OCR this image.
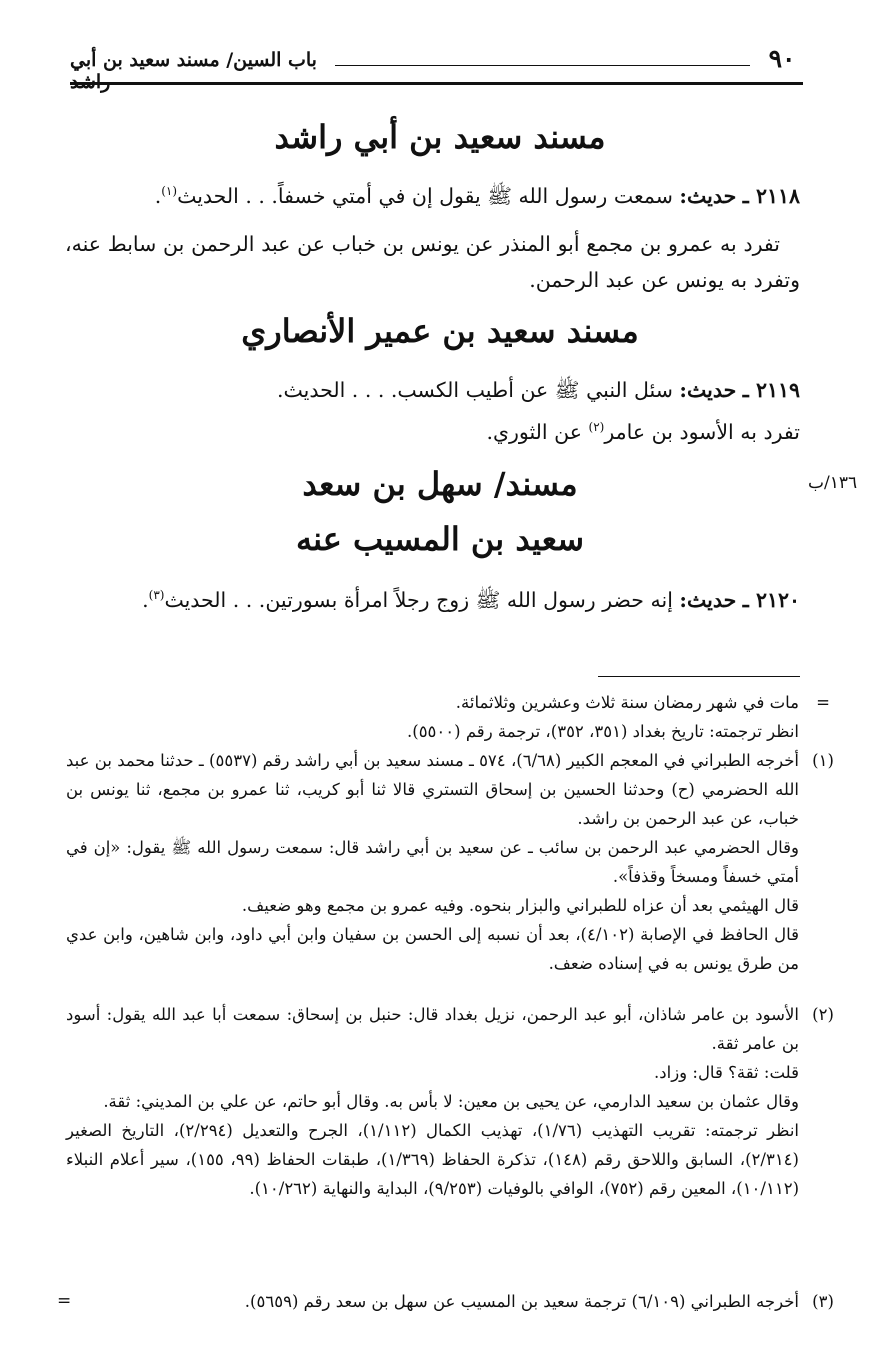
٩٠
باب السين/ مسند سعيد بن أبي راشد
مسند سعيد بن أبي راشد
٢١١٨ ـ حديث: سمعت رسول الله ﷺ يقول إن في أمتي خسفاً. . . الحديث$^{(١)}$.
تفرد به عمرو بن مجمع أبو المنذر عن يونس بن خباب عن عبد الرحمن بن سابط عنه، وتفرد به يونس عن عبد الرحمن.
مسند سعيد بن عمير الأنصاري
٢١١٩ ـ حديث: سئل النبي ﷺ عن أطيب الكسب. . . . الحديث.
تفرد به الأسود بن عامر$^{(٢)}$ عن الثوري.
١٣٦/ب
مسند/ سهل بن سعد
سعيد بن المسيب عنه
٢١٢٠ ـ حديث: إنه حضر رسول الله ﷺ زوج رجلاً امرأة بسورتين. . . الحديث$^{(٣)}$.
=

مات في شهر رمضان سنة ثلاث وعشرين وثلاثمائة.

انظر ترجمته: تاريخ بغداد (٣٥١، ٣٥٢)، ترجمة رقم (٥٥٠٠).

(١)

أخرجه الطبراني في المعجم الكبير (٦/٦٨)، ٥٧٤ ـ مسند سعيد بن أبي راشد رقم (٥٥٣٧) ـ حدثنا محمد بن عبد الله الحضرمي (ح) وحدثنا الحسين بن إسحاق التستري قالا ثنا أبو كريب، ثنا عمرو بن مجمع، ثنا يونس بن خباب، عن عبد الرحمن بن راشد.

وقال الحضرمي عبد الرحمن بن سائب ـ عن سعيد بن أبي راشد قال: سمعت رسول الله ﷺ يقول: «إن في أمتي خسفاً ومسخاً وقذفاً».

قال الهيثمي بعد أن عزاه للطبراني والبزار بنحوه. وفيه عمرو بن مجمع وهو ضعيف.

قال الحافظ في الإصابة (٤/١٠٢)، بعد أن نسبه إلى الحسن بن سفيان وابن أبي داود، وابن شاهين، وابن عدي من طرق يونس به في إسناده ضعف.

(٢)

الأسود بن عامر شاذان، أبو عبد الرحمن، نزيل بغداد قال: حنبل بن إسحاق: سمعت أبا عبد الله يقول: أسود بن عامر ثقة.

قلت: ثقة؟ قال: وزاد.

وقال عثمان بن سعيد الدارمي، عن يحيى بن معين: لا بأس به. وقال أبو حاتم، عن علي بن المديني: ثقة.

انظر ترجمته: تقريب التهذيب (١/٧٦)، تهذيب الكمال (١/١١٢)، الجرح والتعديل (٢/٢٩٤)، التاريخ الصغير (٢/٣١٤)، السابق واللاحق رقم (١٤٨)، تذكرة الحفاظ (١/٣٦٩)، طبقات الحفاظ (٩٩، ١٥٥)، سير أعلام النبلاء (١٠/١١٢)، المعين رقم (٧٥٢)، الوافي بالوفيات (٩/٢٥٣)، البداية والنهاية (١٠/٢٦٢).

(٣)

أخرجه الطبراني (٦/١٠٩) ترجمة سعيد بن المسيب عن سهل بن سعد رقم (٥٦٥٩).

=
